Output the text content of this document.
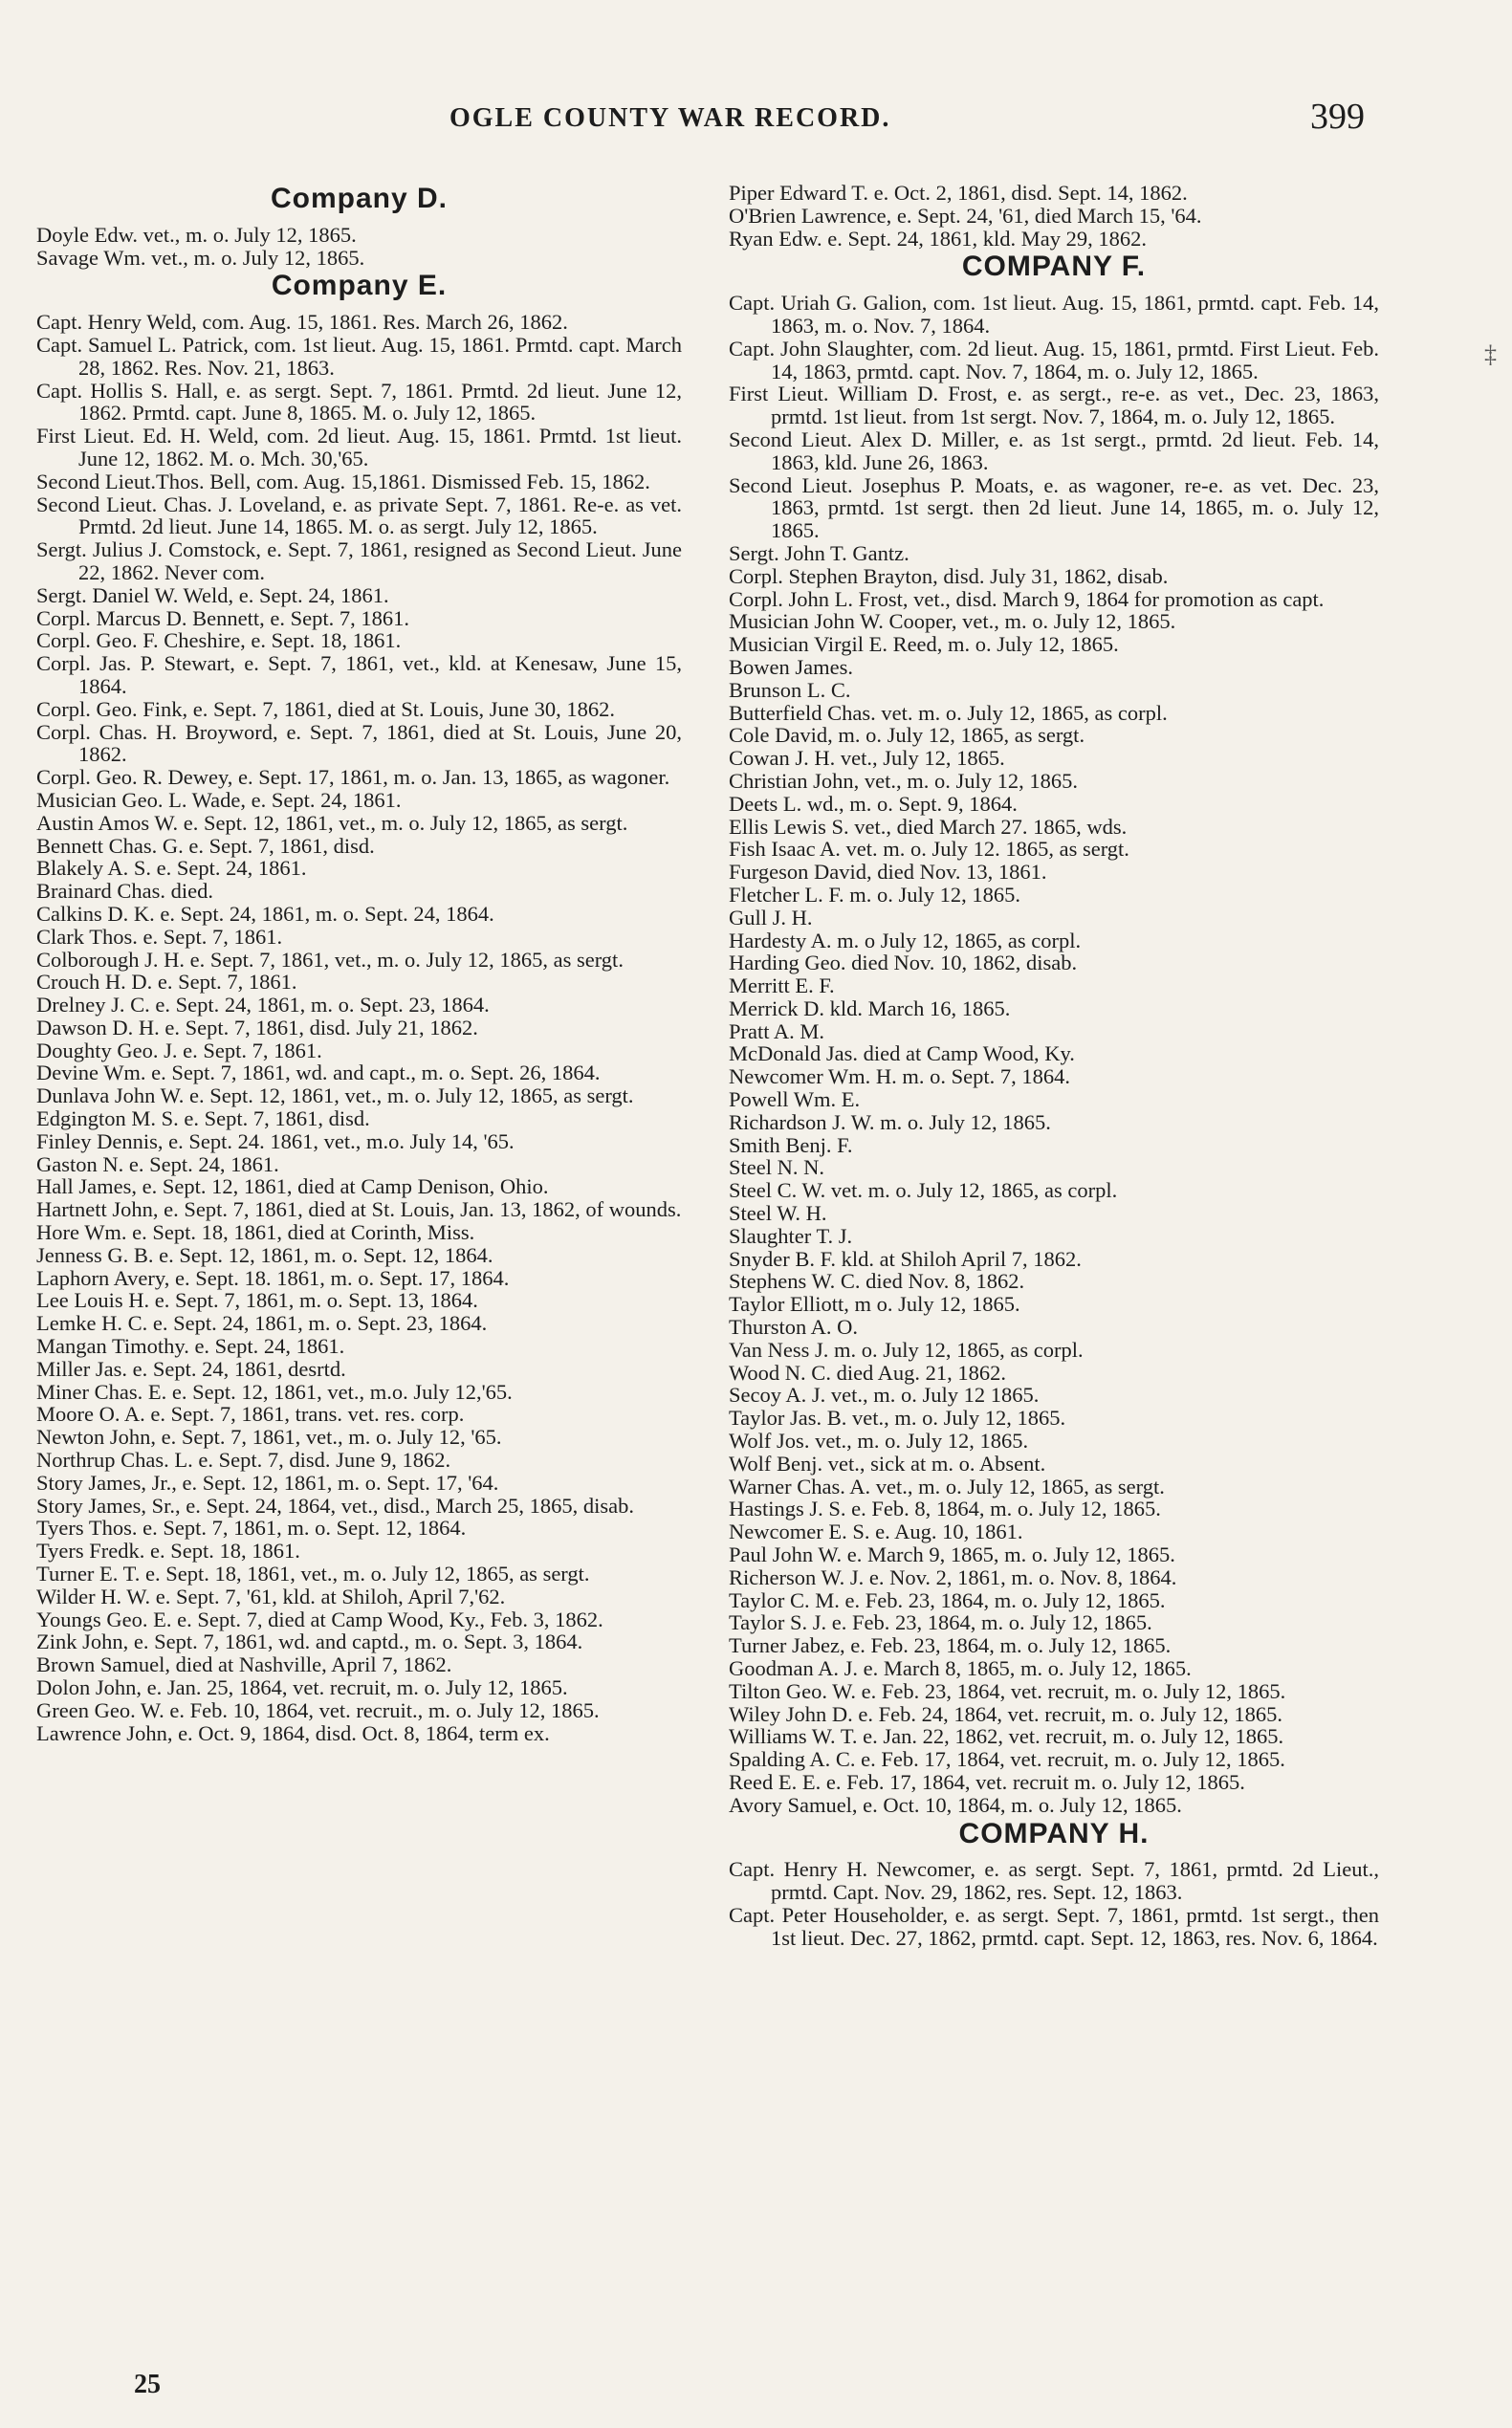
OGLE COUNTY WAR RECORD.	399
Company D.

Doyle Edw. vet., m. o. July 12, 1865.

Savage Wm. vet., m. o. July 12, 1865.

Company E.

Capt. Henry Weld, com. Aug. 15, 1861. Res. March 26, 1862.

Capt. Samuel L. Patrick, com. 1st lieut. Aug. 15, 1861. Prmtd. capt. March 28, 1862. Res. Nov. 21, 1863.

Capt. Hollis S. Hall, e. as sergt. Sept. 7, 1861. Prmtd. 2d lieut. June 12, 1862. Prmtd. capt. June 8, 1865. M. o. July 12, 1865.

First Lieut. Ed. H. Weld, com. 2d lieut. Aug. 15, 1861. Prmtd. 1st lieut. June 12, 1862. M. o. Mch. 30,'65.

Second Lieut.Thos. Bell, com. Aug. 15,1861. Dismissed Feb. 15, 1862.

Second Lieut. Chas. J. Loveland, e. as private Sept. 7, 1861. Re-e. as vet. Prmtd. 2d lieut. June 14, 1865. M. o. as sergt. July 12, 1865.

Sergt. Julius J. Comstock, e. Sept. 7, 1861, resigned as Second Lieut. June 22, 1862. Never com.

Sergt. Daniel W. Weld, e. Sept. 24, 1861.

Corpl. Marcus D. Bennett, e. Sept. 7, 1861.

Corpl. Geo. F. Cheshire, e. Sept. 18, 1861.

Corpl. Jas. P. Stewart, e. Sept. 7, 1861, vet., kld. at Kenesaw, June 15, 1864.

Corpl. Geo. Fink, e. Sept. 7, 1861, died at St. Louis, June 30, 1862.

Corpl. Chas. H. Broyword, e. Sept. 7, 1861, died at St. Louis, June 20, 1862.

Corpl. Geo. R. Dewey, e. Sept. 17, 1861, m. o. Jan. 13, 1865, as wagoner.

Musician Geo. L. Wade, e. Sept. 24, 1861.

Austin Amos W. e. Sept. 12, 1861, vet., m. o. July 12, 1865, as sergt.

Bennett Chas. G. e. Sept. 7, 1861, disd.

Blakely A. S. e. Sept. 24, 1861.

Brainard Chas. died.

Calkins D. K. e. Sept. 24, 1861, m. o. Sept. 24, 1864.

Clark Thos. e. Sept. 7, 1861.

Colborough J. H. e. Sept. 7, 1861, vet., m. o. July 12, 1865, as sergt.

Crouch H. D. e. Sept. 7, 1861.

Drelney J. C. e. Sept. 24, 1861, m. o. Sept. 23, 1864.

Dawson D. H. e. Sept. 7, 1861, disd. July 21, 1862.

Doughty Geo. J. e. Sept. 7, 1861.

Devine Wm. e. Sept. 7, 1861, wd. and capt., m. o. Sept. 26, 1864.

Dunlava John W. e. Sept. 12, 1861, vet., m. o. July 12, 1865, as sergt.

Edgington M. S. e. Sept. 7, 1861, disd.

Finley Dennis, e. Sept. 24. 1861, vet., m.o. July 14, '65.

Gaston N. e. Sept. 24, 1861.

Hall James, e. Sept. 12, 1861, died at Camp Denison, Ohio.

Hartnett John, e. Sept. 7, 1861, died at St. Louis, Jan. 13, 1862, of wounds.

Hore Wm. e. Sept. 18, 1861, died at Corinth, Miss.

Jenness G. B. e. Sept. 12, 1861, m. o. Sept. 12, 1864.

Laphorn Avery, e. Sept. 18. 1861, m. o. Sept. 17, 1864.

Lee Louis H. e. Sept. 7, 1861, m. o. Sept. 13, 1864.

Lemke H. C. e. Sept. 24, 1861, m. o. Sept. 23, 1864.

Mangan Timothy. e. Sept. 24, 1861.

Miller Jas. e. Sept. 24, 1861, desrtd.

Miner Chas. E. e. Sept. 12, 1861, vet., m.o. July 12,'65.

Moore O. A. e. Sept. 7, 1861, trans. vet. res. corp.

Newton John, e. Sept. 7, 1861, vet., m. o. July 12, '65.

Northrup Chas. L. e. Sept. 7, disd. June 9, 1862.

Story James, Jr., e. Sept. 12, 1861, m. o. Sept. 17, '64.

Story James, Sr., e. Sept. 24, 1864, vet., disd., March 25, 1865, disab.

Tyers Thos. e. Sept. 7, 1861, m. o. Sept. 12, 1864.

Tyers Fredk. e. Sept. 18, 1861.

Turner E. T. e. Sept. 18, 1861, vet., m. o. July 12, 1865, as sergt.

Wilder H. W. e. Sept. 7, '61, kld. at Shiloh, April 7,'62.

Youngs Geo. E. e. Sept. 7, died at Camp Wood, Ky., Feb. 3, 1862.

Zink John, e. Sept. 7, 1861, wd. and captd., m. o. Sept. 3, 1864.

Brown Samuel, died at Nashville, April 7, 1862.

Dolon John, e. Jan. 25, 1864, vet. recruit, m. o. July 12, 1865.

Green Geo. W. e. Feb. 10, 1864, vet. recruit., m. o. July 12, 1865.

Lawrence John, e. Oct. 9, 1864, disd. Oct. 8, 1864, term ex.

Piper Edward T. e. Oct. 2, 1861, disd. Sept. 14, 1862.

O'Brien Lawrence, e. Sept. 24, '61, died March 15, '64.

Ryan Edw. e. Sept. 24, 1861, kld. May 29, 1862.

COMPANY F.

Capt. Uriah G. Galion, com. 1st lieut. Aug. 15, 1861, prmtd. capt. Feb. 14, 1863, m. o. Nov. 7, 1864.

Capt. John Slaughter, com. 2d lieut. Aug. 15, 1861, prmtd. First Lieut. Feb. 14, 1863, prmtd. capt. Nov. 7, 1864, m. o. July 12, 1865.

First Lieut. William D. Frost, e. as sergt., re-e. as vet., Dec. 23, 1863, prmtd. 1st lieut. from 1st sergt. Nov. 7, 1864, m. o. July 12, 1865.

Second Lieut. Alex D. Miller, e. as 1st sergt., prmtd. 2d lieut. Feb. 14, 1863, kld. June 26, 1863.

Second Lieut. Josephus P. Moats, e. as wagoner, re-e. as vet. Dec. 23, 1863, prmtd. 1st sergt. then 2d lieut. June 14, 1865, m. o. July 12, 1865.

Sergt. John T. Gantz.

Corpl. Stephen Brayton, disd. July 31, 1862, disab.

Corpl. John L. Frost, vet., disd. March 9, 1864 for promotion as capt.

Musician John W. Cooper, vet., m. o. July 12, 1865.

Musician Virgil E. Reed, m. o. July 12, 1865.

Bowen James.

Brunson L. C.

Butterfield Chas. vet. m. o. July 12, 1865, as corpl.

Cole David, m. o. July 12, 1865, as sergt.

Cowan J. H. vet., July 12, 1865.

Christian John, vet., m. o. July 12, 1865.

Deets L. wd., m. o. Sept. 9, 1864.

Ellis Lewis S. vet., died March 27. 1865, wds.

Fish Isaac A. vet. m. o. July 12. 1865, as sergt.

Furgeson David, died Nov. 13, 1861.

Fletcher L. F. m. o. July 12, 1865.

Gull J. H.

Hardesty A. m. o July 12, 1865, as corpl.

Harding Geo. died Nov. 10, 1862, disab.

Merritt E. F.

Merrick D. kld. March 16, 1865.

Pratt A. M.

McDonald Jas. died at Camp Wood, Ky.

Newcomer Wm. H. m. o. Sept. 7, 1864.

Powell Wm. E.

Richardson J. W. m. o. July 12, 1865.

Smith Benj. F.

Steel N. N.

Steel C. W. vet. m. o. July 12, 1865, as corpl.

Steel W. H.

Slaughter T. J.

Snyder B. F. kld. at Shiloh April 7, 1862.

Stephens W. C. died Nov. 8, 1862.

Taylor Elliott, m o. July 12, 1865.

Thurston A. O.

Van Ness J. m. o. July 12, 1865, as corpl.

Wood N. C. died Aug. 21, 1862.

Secoy A. J. vet., m. o. July 12 1865.

Taylor Jas. B. vet., m. o. July 12, 1865.

Wolf Jos. vet., m. o. July 12, 1865.

Wolf Benj. vet., sick at m. o. Absent.

Warner Chas. A. vet., m. o. July 12, 1865, as sergt.

Hastings J. S. e. Feb. 8, 1864, m. o. July 12, 1865.

Newcomer E. S. e. Aug. 10, 1861.

Paul John W. e. March 9, 1865, m. o. July 12, 1865.

Richerson W. J. e. Nov. 2, 1861, m. o. Nov. 8, 1864.

Taylor C. M. e. Feb. 23, 1864, m. o. July 12, 1865.

Taylor S. J. e. Feb. 23, 1864, m. o. July 12, 1865.

Turner Jabez, e. Feb. 23, 1864, m. o. July 12, 1865.

Goodman A. J. e. March 8, 1865, m. o. July 12, 1865.

Tilton Geo. W. e. Feb. 23, 1864, vet. recruit, m. o. July 12, 1865.

Wiley John D. e. Feb. 24, 1864, vet. recruit, m. o. July 12, 1865.

Williams W. T. e. Jan. 22, 1862, vet. recruit, m. o. July 12, 1865.

Spalding A. C. e. Feb. 17, 1864, vet. recruit, m. o. July 12, 1865.

Reed E. E. e. Feb. 17, 1864, vet. recruit m. o. July 12, 1865.

Avory Samuel, e. Oct. 10, 1864, m. o. July 12, 1865.

COMPANY H.

Capt. Henry H. Newcomer, e. as sergt. Sept. 7, 1861, prmtd. 2d Lieut., prmtd. Capt. Nov. 29, 1862, res. Sept. 12, 1863.

Capt. Peter Householder, e. as sergt. Sept. 7, 1861, prmtd. 1st sergt., then 1st lieut. Dec. 27, 1862, prmtd. capt. Sept. 12, 1863, res. Nov. 6, 1864.

25
‡
